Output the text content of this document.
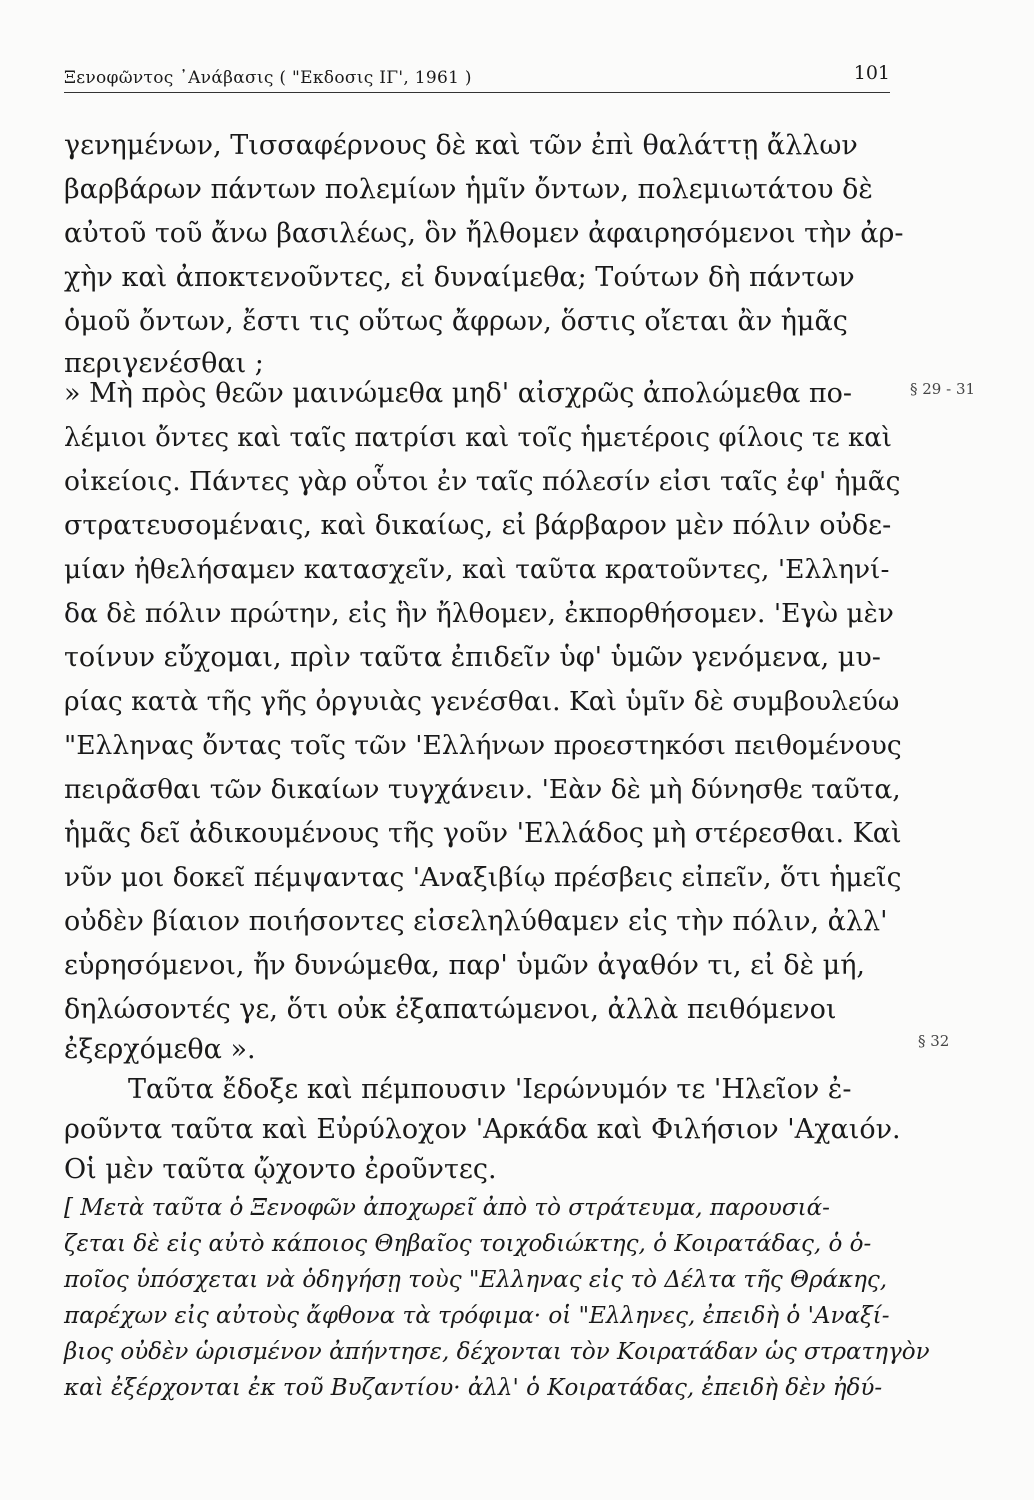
Ξενοφῶντος ᾿Ανάβασις ( "Εκδοσις ΙΓ', 1961 )	101
γενημένων, Τισσαφέρνους δὲ καὶ τῶν ἐπὶ θαλάττῃ ἄλλων
βαρβάρων πάντων πολεμίων ἡμῖν ὄντων, πολεμιωτάτου δὲ
αὐτοῦ τοῦ ἄνω βασιλέως, ὃν ἤλθομεν ἀφαιρησόμενοι τὴν ἀρ-
χὴν καὶ ἀποκτενοῦντες, εἰ δυναίμεθα; Τούτων δὴ πάντων
ὁμοῦ ὄντων, ἔστι τις οὕτως ἄφρων, ὅστις οἴεται ἂν ἡμᾶς
περιγενέσθαι ;
» Μὴ πρὸς θεῶν μαινώμεθα μηδ' αἰσχρῶς ἀπολώμεθα πο-
λέμιοι ὄντες καὶ ταῖς πατρίσι καὶ τοῖς ἡμετέροις φίλοις τε καὶ
οἰκείοις. Πάντες γὰρ οὗτοι ἐν ταῖς πόλεσίν εἰσι ταῖς ἐφ' ἡμᾶς
στρατευσομέναις, καὶ δικαίως, εἰ βάρβαρον μὲν πόλιν οὐδε-
μίαν ἠθελήσαμεν κατασχεῖν, καὶ ταῦτα κρατοῦντες, 'Ελληνί-
δα δὲ πόλιν πρώτην, εἰς ἣν ἤλθομεν, ἐκπορθήσομεν. 'Εγὼ μὲν
τοίνυν εὔχομαι, πρὶν ταῦτα ἐπιδεῖν ὑφ' ὑμῶν γενόμενα, μυ-
ρίας κατὰ τῆς γῆς ὀργυιὰς γενέσθαι. Καὶ ὑμῖν δὲ συμβουλεύω
"Ελληνας ὄντας τοῖς τῶν 'Ελλήνων προεστηκόσι πειθομένους
πειρᾶσθαι τῶν δικαίων τυγχάνειν. 'Εὰν δὲ μὴ δύνησθε ταῦτα,
ἡμᾶς δεῖ ἀδικουμένους τῆς γοῦν 'Ελλάδος μὴ στέρεσθαι. Καὶ
νῦν μοι δοκεῖ πέμψαντας 'Αναξιβίῳ πρέσβεις εἰπεῖν, ὅτι ἡμεῖς
οὐδὲν βίαιον ποιήσοντες εἰσεληλύθαμεν εἰς τὴν πόλιν, ἀλλ'
εὑρησόμενοι, ἤν δυνώμεθα, παρ' ὑμῶν ἀγαθόν τι, εἰ δὲ μή,
δηλώσοντές γε, ὅτι οὐκ ἐξαπατώμενοι, ἀλλὰ πειθόμενοι
ἐξερχόμεθα ».
Ταῦτα ἔδοξε καὶ πέμπουσιν 'Ιερώνυμόν τε 'Ηλεῖον ἐ-
ροῦντα ταῦτα καὶ Εὐρύλοχον 'Αρκάδα καὶ Φιλήσιον 'Αχαιόν.
Οἱ μὲν ταῦτα ᾤχοντο ἐροῦντες.
§ 29 - 31
§ 32
[ Μετὰ ταῦτα ὁ Ξενοφῶν ἀποχωρεῖ ἀπὸ τὸ στράτευμα, παρουσιά-
ζεται δὲ εἰς αὐτὸ κάποιος Θηβαῖος τοιχοδιώκτης, ὁ Κοιρατάδας, ὁ ὁ-
ποῖος ὑπόσχεται νὰ ὁδηγήσῃ τοὺς "Ελληνας εἰς τὸ Δέλτα τῆς Θράκης,
παρέχων εἰς αὐτοὺς ἄφθονα τὰ τρόφιμα· οἱ "Ελληνες, ἐπειδὴ ὁ 'Αναξί-
βιος οὐδὲν ὡρισμένον ἀπήντησε, δέχονται τὸν Κοιρατάδαν ὡς στρατηγὸν
καὶ ἐξέρχονται ἐκ τοῦ Βυζαντίου· ἀλλ' ὁ Κοιρατάδας, ἐπειδὴ δὲν ἠδύ-
